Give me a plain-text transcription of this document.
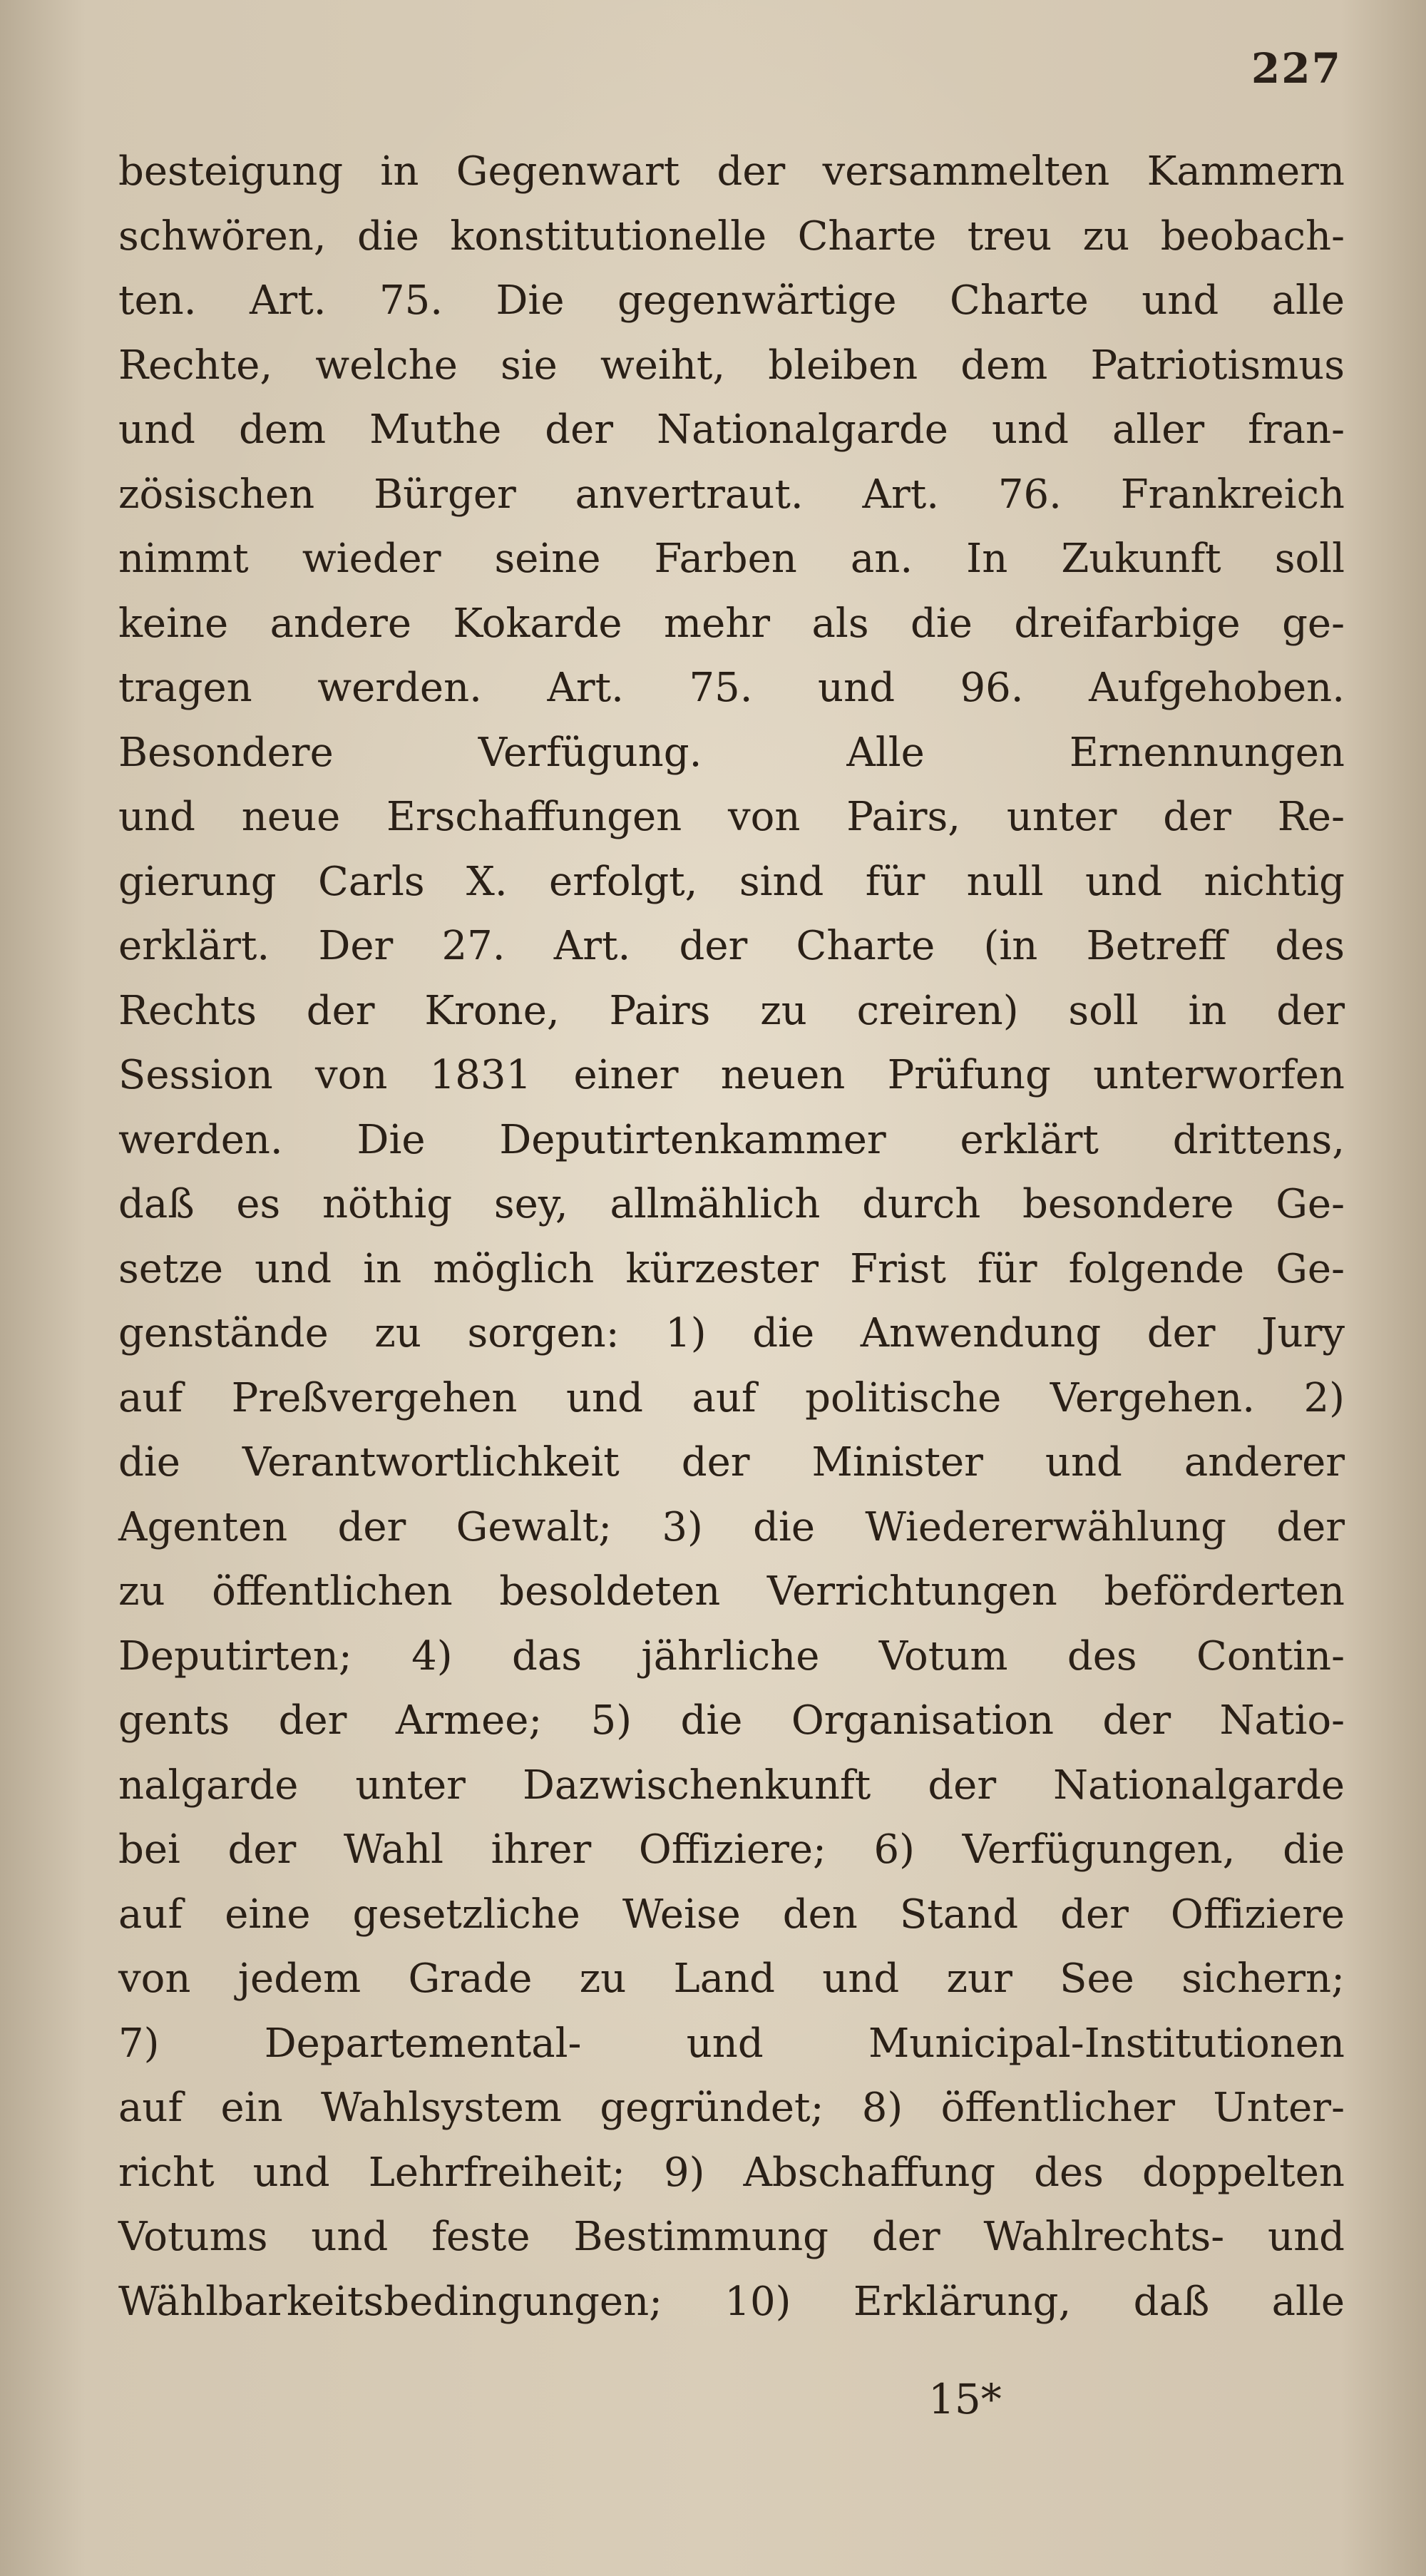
227
besteigung in Gegenwart der versammelten Kammern
schwören, die konstitutionelle Charte treu zu beobach-
ten. Art. 75. Die gegenwärtige Charte und alle
Rechte, welche sie weiht, bleiben dem Patriotismus
und dem Muthe der Nationalgarde und aller fran-
zösischen Bürger anvertraut. Art. 76. Frankreich
nimmt wieder seine Farben an. In Zukunft soll
keine andere Kokarde mehr als die dreifarbige ge-
tragen werden. Art. 75. und 96. Aufgehoben.
Besondere Verfügung. Alle Ernennungen
und neue Erschaffungen von Pairs, unter der Re-
gierung Carls X. erfolgt, sind für null und nichtig
erklärt. Der 27. Art. der Charte (in Betreff des
Rechts der Krone, Pairs zu creiren) soll in der
Session von 1831 einer neuen Prüfung unterworfen
werden. Die Deputirtenkammer erklärt drittens,
daß es nöthig sey, allmählich durch besondere Ge-
setze und in möglich kürzester Frist für folgende Ge-
genstände zu sorgen: 1) die Anwendung der Jury
auf Preßvergehen und auf politische Vergehen. 2)
die Verantwortlichkeit der Minister und anderer
Agenten der Gewalt; 3) die Wiedererwählung der
zu öffentlichen besoldeten Verrichtungen beförderten
Deputirten; 4) das jährliche Votum des Contin-
gents der Armee; 5) die Organisation der Natio-
nalgarde unter Dazwischenkunft der Nationalgarde
bei der Wahl ihrer Offiziere; 6) Verfügungen, die
auf eine gesetzliche Weise den Stand der Offiziere
von jedem Grade zu Land und zur See sichern;
7) Departemental- und Municipal-Institutionen
auf ein Wahlsystem gegründet; 8) öffentlicher Unter-
richt und Lehrfreiheit; 9) Abschaffung des doppelten
Votums und feste Bestimmung der Wahlrechts- und
Wählbarkeitsbedingungen; 10) Erklärung, daß alle
15*
